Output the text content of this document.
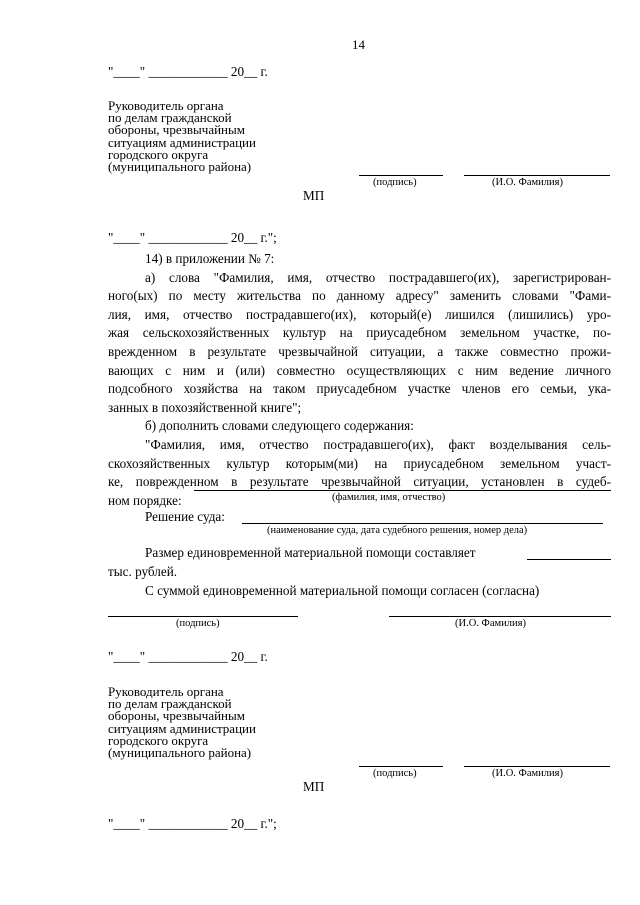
14
"____" ____________ 20__ г.
Руководитель органа
по делам гражданской
обороны, чрезвычайным
ситуациям администрации
городского округа
(муниципального района)
(подпись)	(И.О. Фамилия)
МП
"____" ____________ 20__ г.";
14) в приложении № 7:
а) слова "Фамилия, имя, отчество пострадавшего(их), зарегистрирован-
ного(ых) по месту жительства по данному адресу" заменить словами "Фами-
лия, имя, отчество пострадавшего(их), который(е) лишился (лишились) уро-
жая сельскохозяйственных культур на приусадебном земельном участке, по-
врежденном в результате чрезвычайной ситуации, а также совместно прожи-
вающих с ним и (или) совместно осуществляющих с ним ведение личного
подсобного хозяйства на таком приусадебном участке членов его семьи, ука-
занных в похозяйственной книге";
б) дополнить словами следующего содержания:
"Фамилия, имя, отчество пострадавшего(их), факт возделывания сель-
скохозяйственных культур которым(ми) на приусадебном земельном участ-
ке, поврежденном в результате чрезвычайной ситуации, установлен в судеб-
ном порядке:	(фамилия, имя, отчество)
Решение суда:
(наименование суда, дата судебного решения, номер дела)
Размер единовременной материальной помощи составляет
тыс. рублей.
С суммой единовременной материальной помощи согласен (согласна)
(подпись)	(И.О. Фамилия)
"____" ____________ 20__ г.
Руководитель органа
по делам гражданской
обороны, чрезвычайным
ситуациям администрации
городского округа
(муниципального района)
(подпись)	(И.О. Фамилия)
МП
"____" ____________ 20__ г.";
